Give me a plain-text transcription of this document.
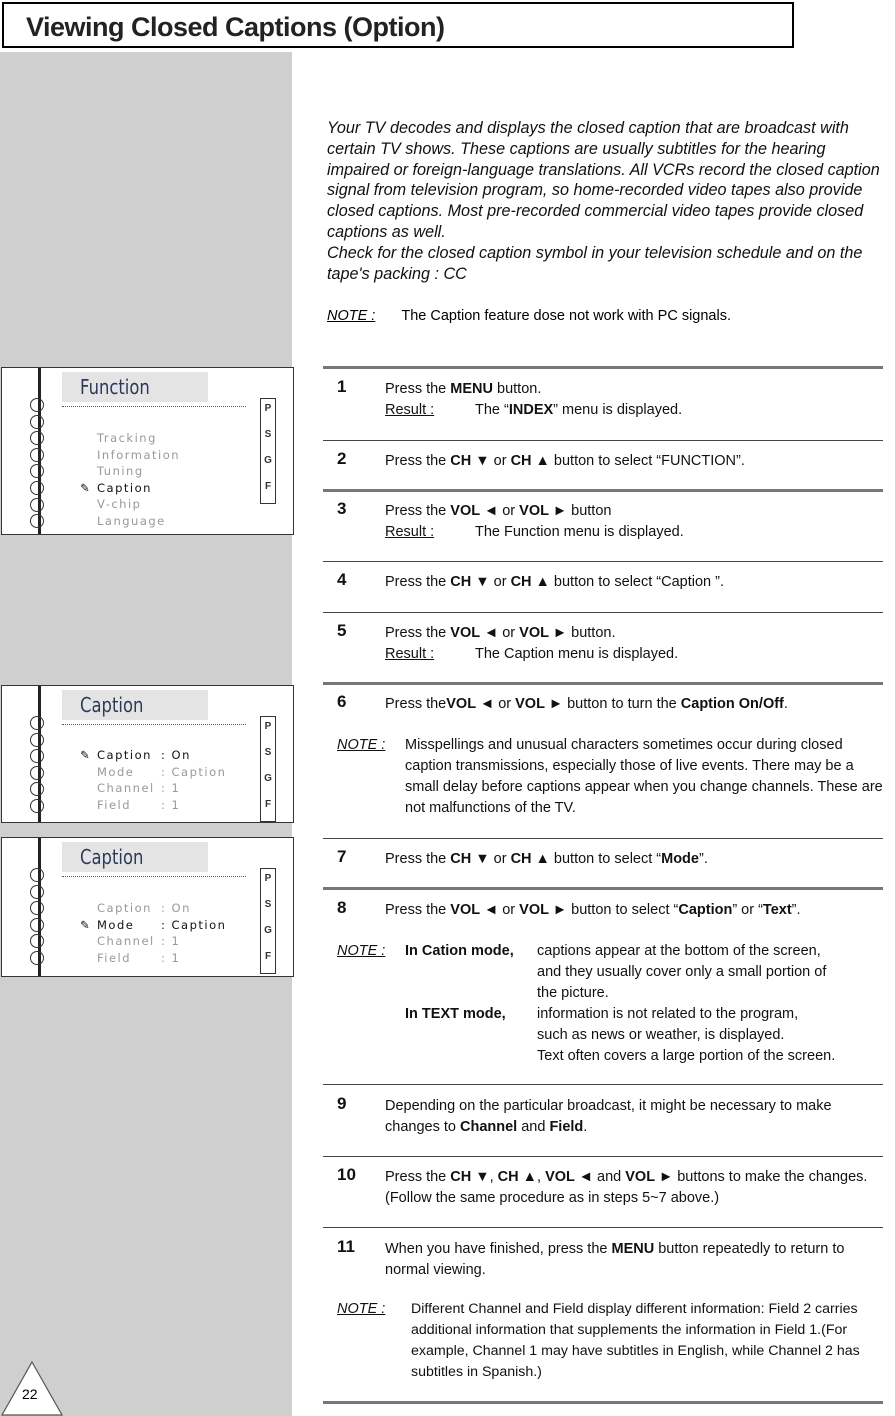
Viewing Closed Captions (Option)

Your TV decodes and displays the closed caption that are broadcast with certain TV shows. These captions are usually subtitles for the hearing impaired or foreign-language translations. All VCRs record the closed caption signal from television program, so home-recorded video tapes also provide closed captions. Most pre-recorded commercial video tapes provide closed captions as well.

Check for the closed caption symbol in your television schedule and on the tape's packing : CC

NOTE : The Caption feature dose not work with PC signals.
Function
P
S
G
F
Tracking
Information
Tuning
✎ Caption
V-chip
Language
Caption
P
S
G
F
✎ Caption : On
Mode : Caption
Channel : 1
Field	: 1
Caption
P
S
G
F
Caption : On
✎ Mode : Caption
Channel : 1
Field	: 1
1	Press the MENU button.
Result :	The “INDEX” menu is displayed.
2	Press the CH ▼ or CH ▲ button to select “FUNCTION”.
3	Press the VOL ◄ or VOL ► button
Result :	The Function menu is displayed.
4	Press the CH ▼ or CH ▲ button to select “Caption ”.
5	Press the VOL ◄ or VOL ► button.
Result :	The Caption menu is displayed.
6	Press theVOL ◄ or VOL ► button to turn the Caption On/Off.
NOTE : Misspellings and unusual characters sometimes occur during closed caption transmissions, especially those of live events. There may be a small delay before captions appear when you change channels. These are not malfunctions of the TV.
7	Press the CH ▼ or CH ▲ button to select “Mode”.
8	Press the VOL ◄ or VOL ► button to select “Caption” or “Text”.
NOTE : In Cation mode, captions appear at the bottom of the screen,
and they usually cover only a small portion of
the picture.
In TEXT mode, information is not related to the program,
such as news or weather, is displayed.
Text often covers a large portion of the screen.
9	Depending on the particular broadcast, it might be necessary to make changes to Channel and Field.
10 Press the CH ▼, CH ▲, VOL ◄ and VOL ► buttons to make the changes. (Follow the same procedure as in steps 5~7 above.)
11 When you have finished, press the MENU button repeatedly to return to normal viewing.
NOTE : Different Channel and Field display different information: Field 2 carries additional information that supplements the information in Field 1.(For example, Channel 1 may have subtitles in English, while Channel 2 has subtitles in Spanish.)
22
